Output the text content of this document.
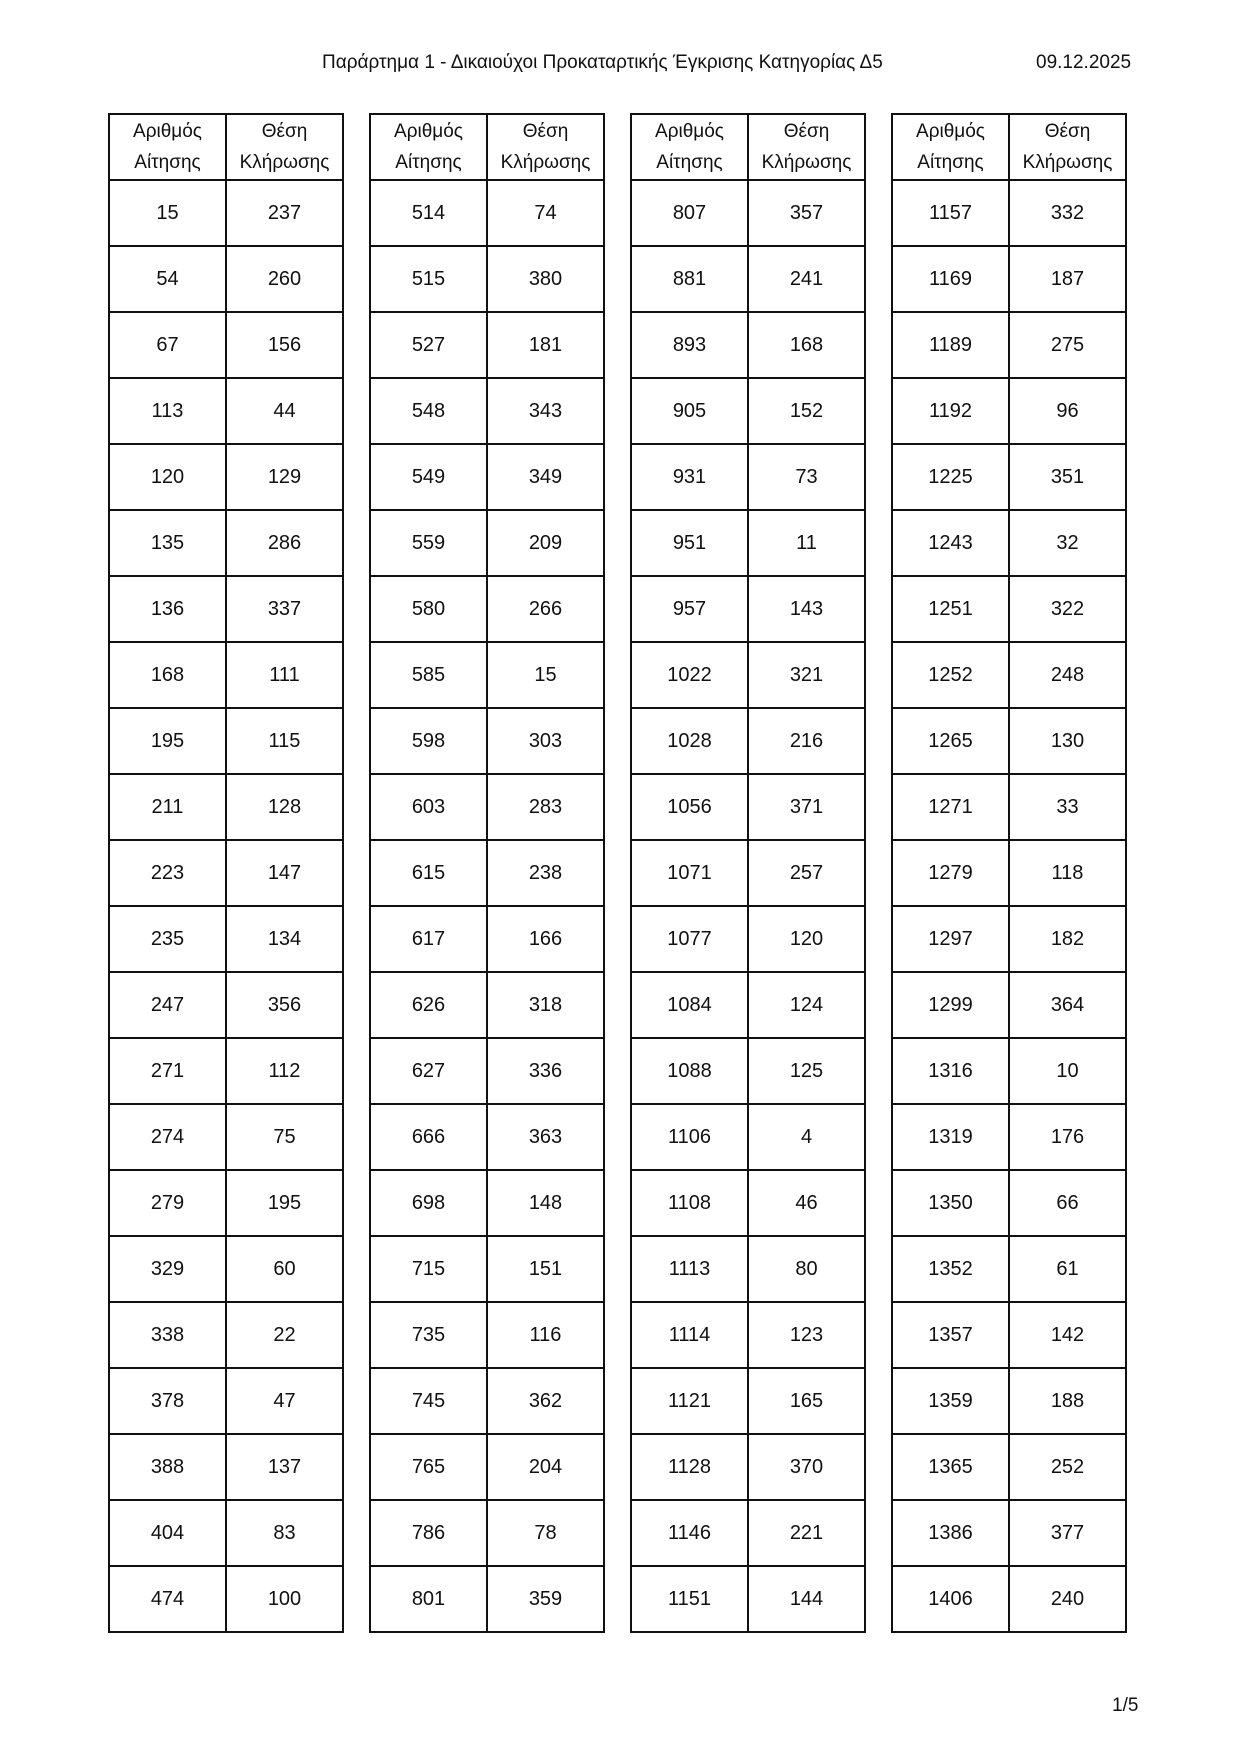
Παράρτημα 1 - Δικαιούχοι Προκαταρτικής Έγκρισης Κατηγορίας Δ5	09.12.2025
Αριθμός
Αίτησης	Θέση
Κλήρωσης
15	237
54	260
67	156
113	44
120	129
135	286
136	337
168	111
195	115
211	128
223	147
235	134
247	356
271	112
274	75
279	195
329	60
338	22
378	47
388	137
404	83
474	100
Αριθμός
Αίτησης	Θέση
Κλήρωσης
514	74
515	380
527	181
548	343
549	349
559	209
580	266
585	15
598	303
603	283
615	238
617	166
626	318
627	336
666	363
698	148
715	151
735	116
745	362
765	204
786	78
801	359
Αριθμός
Αίτησης	Θέση
Κλήρωσης
807	357
881	241
893	168
905	152
931	73
951	11
957	143
1022	321
1028	216
1056	371
1071	257
1077	120
1084	124
1088	125
1106	4
1108	46
1113	80
1114	123
1121	165
1128	370
1146	221
1151	144
Αριθμός
Αίτησης	Θέση
Κλήρωσης
1157	332
1169	187
1189	275
1192	96
1225	351
1243	32
1251	322
1252	248
1265	130
1271	33
1279	118
1297	182
1299	364
1316	10
1319	176
1350	66
1352	61
1357	142
1359	188
1365	252
1386	377
1406	240
1/5
